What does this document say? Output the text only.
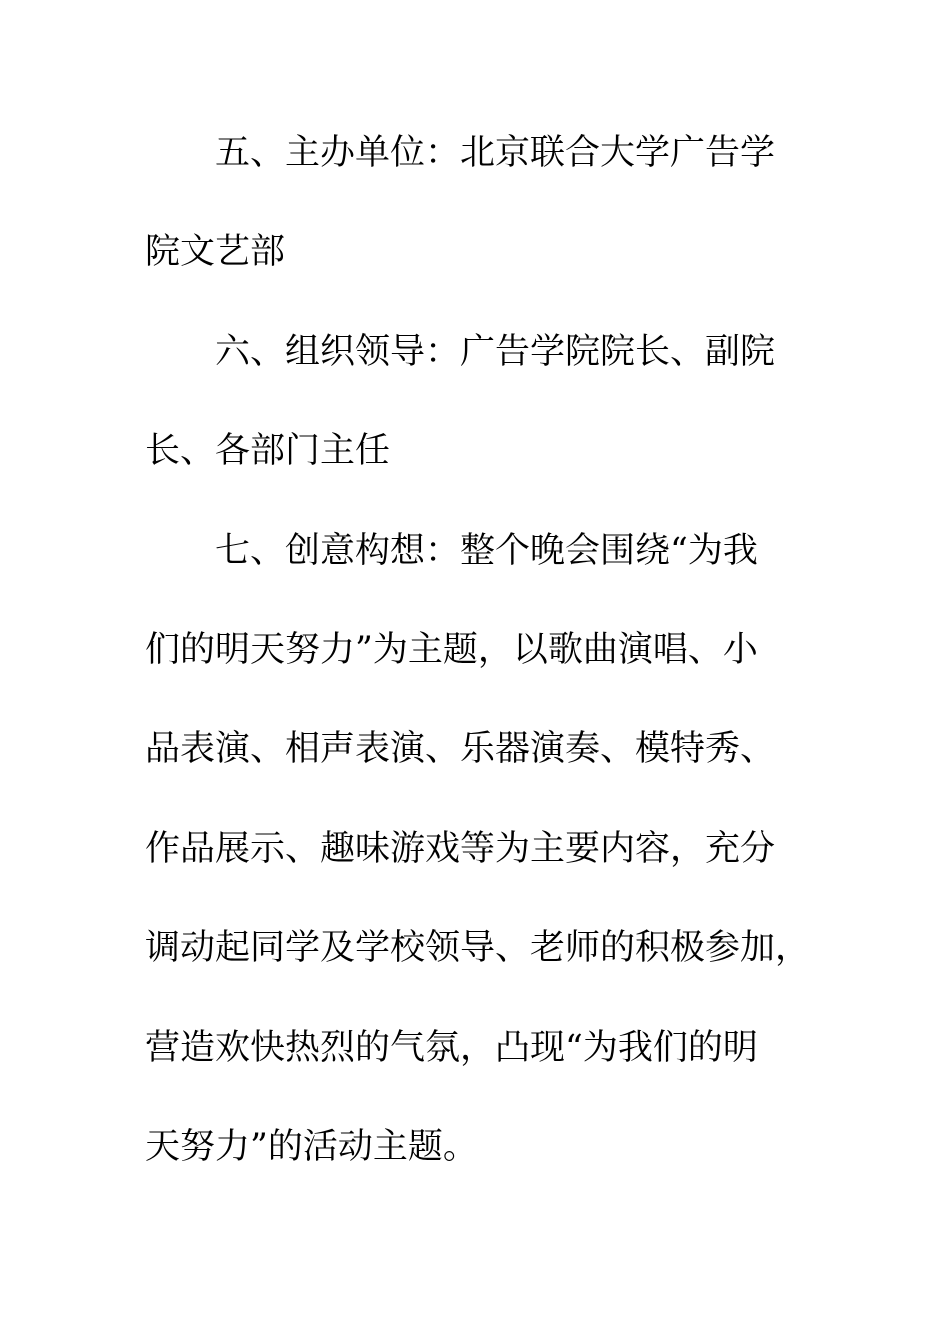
五、主办单位：北京联合大学广告学
院文艺部
六、组织领导：广告学院院长、副院
长、各部门主任
七、创意构想：整个晚会围绕“为我
们的明天努力”为主题，以歌曲演唱、小
品表演、相声表演、乐器演奏、模特秀、
作品展示、趣味游戏等为主要内容，充分
调动起同学及学校领导、老师的积极参加，
营造欢快热烈的气氛，凸现“为我们的明
天努力”的活动主题。
